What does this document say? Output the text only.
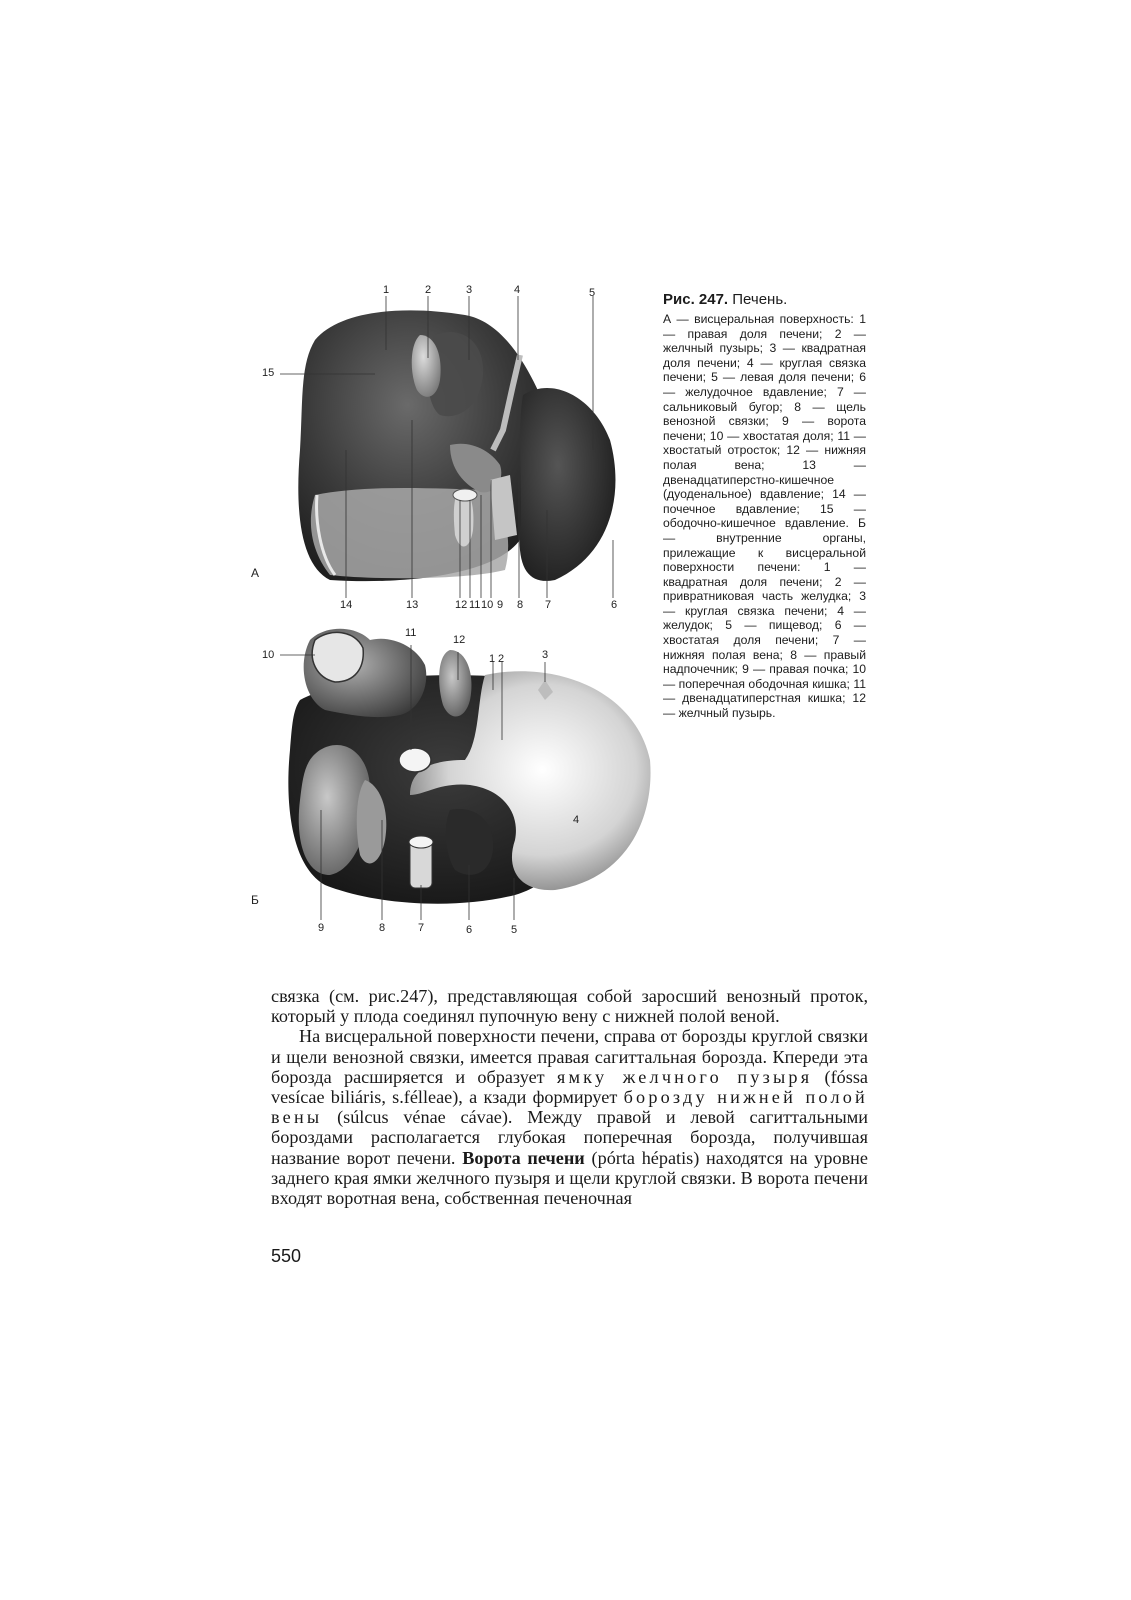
А
1	2	3	4	5
15
14	13	12 11 10 9 8 7	6
Б
11
12
1 2	3
10
4
9	8	7	6	5
Рис. 247. Печень.
А — висцеральная поверхность: 1 — правая доля печени; 2 — желчный пузырь; 3 — квадратная доля печени; 4 — круглая связка печени; 5 — левая доля печени; 6 — желудочное вдавление; 7 — сальниковый бугор; 8 — щель венозной связки; 9 — ворота печени; 10 — хвостатая доля; 11 — хвостатый отросток; 12 — нижняя полая вена; 13 — двенадцатиперстно-кишечное (дуоденальное) вдавление; 14 — почечное вдавление; 15 — ободочно-кишечное вдавление. Б — внутренние органы, прилежащие к висцеральной поверхности печени: 1 — квадратная доля печени; 2 — привратниковая часть желудка; 3 — круглая связка печени; 4 — желудок; 5 — пищевод; 6 — хвостатая доля печени; 7 — нижняя полая вена; 8 — правый надпочечник; 9 — правая почка; 10 — поперечная ободочная кишка; 11 — двенадцатиперстная кишка; 12 — желчный пузырь.

связка (см. рис.247), представляющая собой заросший венозный проток, который у плода соединял пупочную вену с нижней полой веной.

На висцеральной поверхности печени, справа от борозды круглой связки и щели венозной связки, имеется правая сагиттальная борозда. Кпереди эта борозда расширяется и образует ямку желчного пузыря (fóssa vesícae biliáris, s.félleae), а кзади формирует борозду нижней полой вены (súlcus vénae cávae). Между правой и левой сагиттальными бороздами располагается глубокая поперечная борозда, получившая название ворот печени. Ворота печени (pórta hépatis) находятся на уровне заднего края ямки желчного пузыря и щели круглой связки. В ворота печени входят воротная вена, собственная печеночная

550
